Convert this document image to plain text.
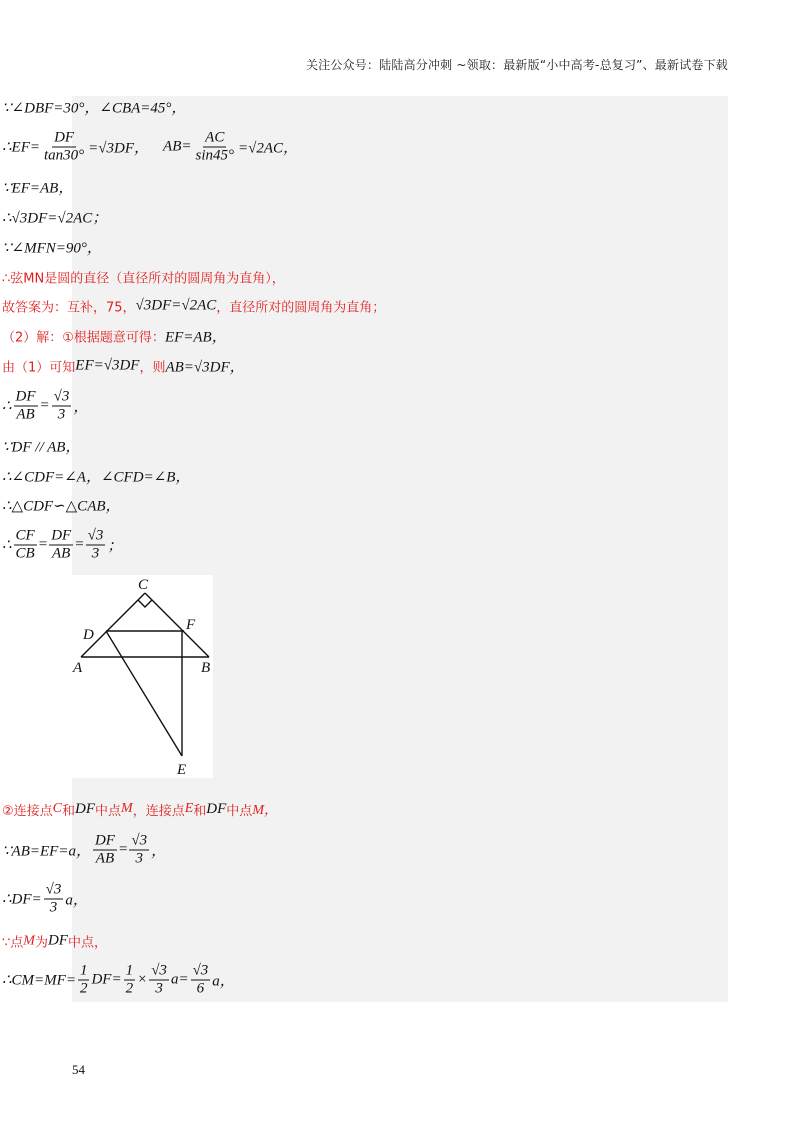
关注公众号：陆陆高分冲刺 ~领取：最新版“小中高考-总复习”、最新试卷下载
∵∠DBF=30°，∠CBA=45°，
∴EF= $\frac{DF}{\tan 30^\circ} =√3DF$， $AB= \frac{AC}{\sin 45^\circ} =√2AC$，
∵EF=AB，
∴√3DF=√2AC；
∵∠MFN=90°，
∴弦MN是圆的直径（直径所对的圆周角为直角），
故答案为：互补，75， √3DF=√2AC ，直径所对的圆周角为直角；
（2）解：①根据题意可得： EF=AB，
由（1）可知 EF=√3DF ，则 AB=√3DF，
∴ $\frac{DF}{AB} = \frac{√3}{3}$ ，
∵DF // AB，
∴∠CDF=∠A，∠CFD=∠B，
∴△CDF∽△CAB，
∴ $\frac{CF}{CB} = \frac{DF}{AB} = \frac{√3}{3}$ ；
C
D
F
A	B
E
②连接点 C 和 DF 中点 M ，连接点 E 和 DF 中点 M，
∵AB=EF=a， $\frac{DF}{AB} = \frac{√3}{3}$ ，
∴DF= $\frac{√3}{3}$ a，
∵点 M 为 DF 中点，
∴CM=MF= $\frac{1}{2} DF= \frac{1}{2} \times \frac{√3}{3} a= \frac{√3}{6}$ a，
54
